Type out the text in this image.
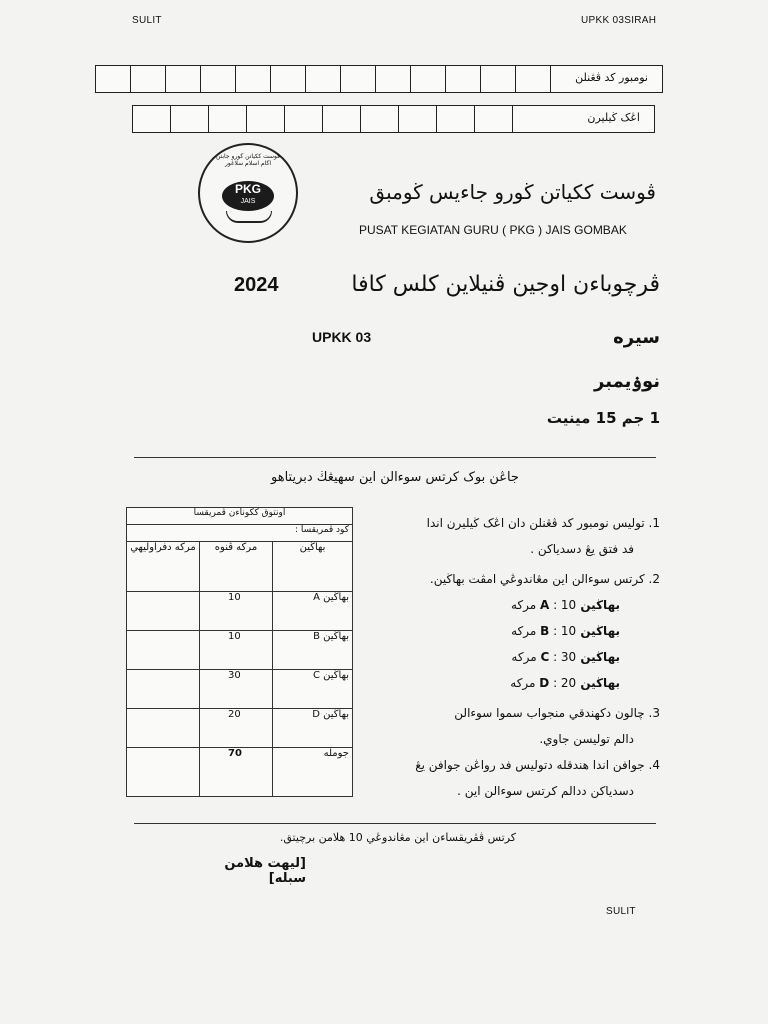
SULIT	UPKK 03SIRAH
نومبور كد ڤڠنلن
اڠک ڬيليرن
ڤوست ککياتن ڬورو جابتن اڬام اسلام سلاڠور
PKG
JAIS	ڤوست ککياتن ڬورو جاءيس ڬومبق
PUSAT KEGIATAN GURU ( PKG ) JAIS GOMBAK
ڤرچوباءن اوجين ڤنيلاين كلس كافا
2024
UPKK 03	سيره
نوۏيمبر
1 جم 15 مينيت
جاڠن بوک کرتس سوءالن اين سهيڠڬ دبريتاهو
اونتوق ککوناءن ڤمريقسا		
كود ڤمريقسا :		
مرکه دفراوليهي	مرکه ڤنوه	بهاڬين
	10	بهاڬين A
	10	بهاڬين B
	30	بهاڬين C
	20	بهاڬين D
	70	جوملە
1. توليس نومبور كد ڤڠنلن دان اڠک ڬيليرن اندا
فد فتق يڠ دسدياكن .
2. کرتس سوءالن اين مڠاندوڠي امڤت بهاڬين.
بهاڬين A : 10 مرکه
بهاڬين B : 10 مرکه
بهاڬين C : 30 مرکه
بهاڬين D : 20 مرکه
3. چالون دکهندقي منجواب سموا سوءالن
دالم توليسن جاوي.
4. جوافن اندا هندقله دتوليس فد رواڠن جوافن يڠ
دسدياكن ددالم کرتس سوءالن اين .
کرتس ڤڤريقساءن اين مڠاندوڠي 10 هلامن برچيتق.
[ليهت هلامن سبله]
SULIT
